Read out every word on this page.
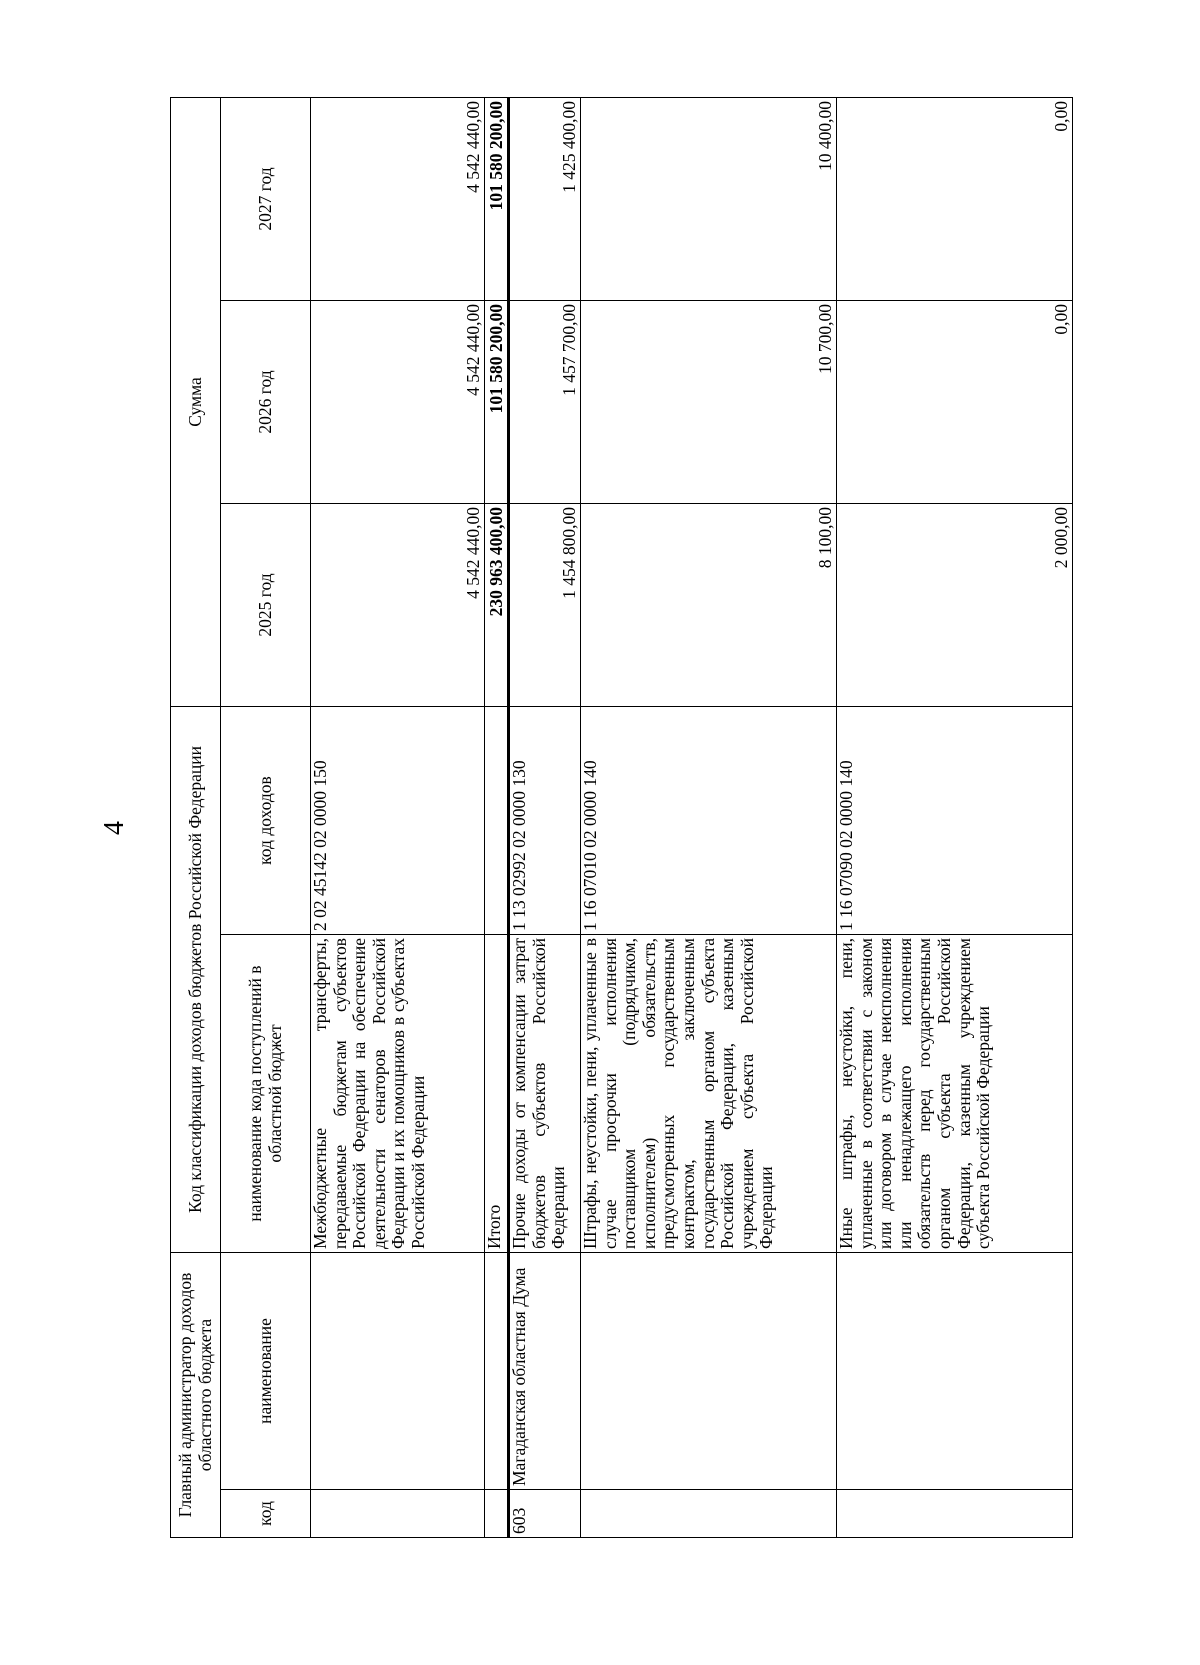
4
Главный администратор доходов областного бюджета		Код классификации доходов бюджетов Российской Федерации		Сумма		
код	наименование	наименование кода поступлений в областной бюджет	код доходов	2025 год	2026 год	2027 год
		Межбюджетные трансферты, передаваемые бюджетам субъектов Российской Федерации на обеспечение деятельности сенаторов Российской Федерации и их помощников в субъектах Российской Федерации	2 02 45142 02 0000 150	4 542 440,00	4 542 440,00	4 542 440,00
		Итого		230 963 400,00	101 580 200,00	101 580 200,00
603	Магаданская областная Дума	Прочие доходы от компенсации затрат бюджетов субъектов Российской Федерации	1 13 02992 02 0000 130	1 454 800,00	1 457 700,00	1 425 400,00
		Штрафы, неустойки, пени, уплаченные в случае просрочки исполнения поставщиком (подрядчиком, исполнителем) обязательств, предусмотренных государственным контрактом, заключенным государственным органом субъекта Российской Федерации, казенным учреждением субъекта Российской Федерации	1 16 07010 02 0000 140	8 100,00	10 700,00	10 400,00
		Иные штрафы, неустойки, пени, уплаченные в соответствии с законом или договором в случае неисполнения или ненадлежащего исполнения обязательств перед государственным органом субъекта Российской Федерации, казенным учреждением субъекта Российской Федерации	1 16 07090 02 0000 140	2 000,00	0,00	0,00
